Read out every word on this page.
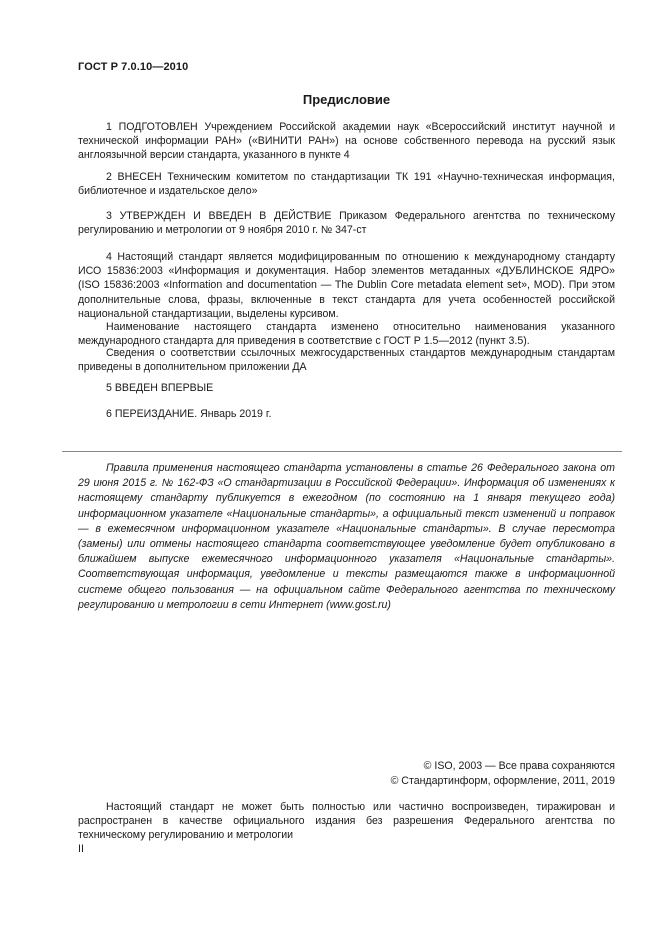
ГОСТ Р 7.0.10—2010
Предисловие

1 ПОДГОТОВЛЕН Учреждением Российской академии наук «Всероссийский институт научной и технической информации РАН» («ВИНИТИ РАН») на основе собственного перевода на русский язык англоязычной версии стандарта, указанного в пункте 4

2 ВНЕСЕН Техническим комитетом по стандартизации ТК 191 «Научно-техническая информация, библиотечное и издательское дело»

3 УТВЕРЖДЕН И ВВЕДЕН В ДЕЙСТВИЕ Приказом Федерального агентства по техническому регулированию и метрологии от 9 ноября 2010 г. № 347-ст

4 Настоящий стандарт является модифицированным по отношению к международному стандарту ИСО 15836:2003 «Информация и документация. Набор элементов метаданных «ДУБЛИНСКОЕ ЯДРО» (ISO 15836:2003 «Information and documentation — The Dublin Core metadata element set», MOD). При этом дополнительные слова, фразы, включенные в текст стандарта для учета особенностей российской национальной стандартизации, выделены курсивом.

Наименование настоящего стандарта изменено относительно наименования указанного международного стандарта для приведения в соответствие с ГОСТ Р 1.5—2012 (пункт 3.5).

Сведения о соответствии ссылочных межгосударственных стандартов международным стандартам приведены в дополнительном приложении ДА

5 ВВЕДЕН ВПЕРВЫЕ

6 ПЕРЕИЗДАНИЕ. Январь 2019 г.

Правила применения настоящего стандарта установлены в статье 26 Федерального закона от 29 июня 2015 г. № 162-ФЗ «О стандартизации в Российской Федерации». Информация об изменениях к настоящему стандарту публикуется в ежегодном (по состоянию на 1 января текущего года) информационном указателе «Национальные стандарты», а официальный текст изменений и поправок — в ежемесячном информационном указателе «Национальные стандарты». В случае пересмотра (замены) или отмены настоящего стандарта соответствующее уведомление будет опубликовано в ближайшем выпуске ежемесячного информационного указателя «Национальные стандарты». Соответствующая информация, уведомление и тексты размещаются также в информационной системе общего пользования — на официальном сайте Федерального агентства по техническому регулированию и метрологии в сети Интернет (www.gost.ru)

© ISO, 2003 — Все права сохраняются
© Стандартинформ, оформление, 2011, 2019

Настоящий стандарт не может быть полностью или частично воспроизведен, тиражирован и распространен в качестве официального издания без разрешения Федерального агентства по техническому регулированию и метрологии

II
